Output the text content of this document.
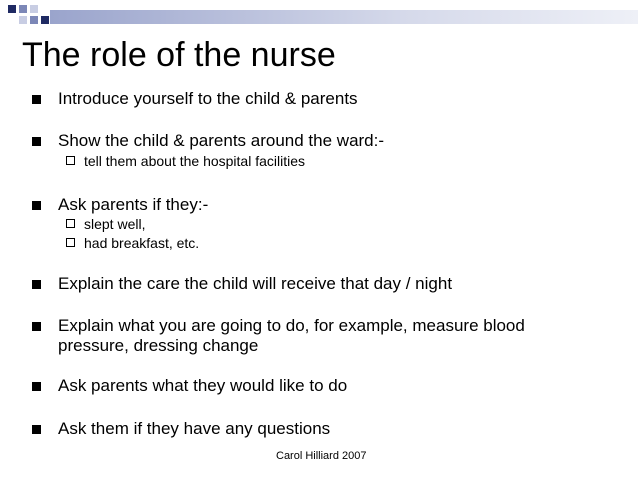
The role of the nurse
Introduce yourself to the child & parents
Show the child & parents around the ward:-
tell them about the hospital facilities
Ask parents if they:-
slept well,
had breakfast, etc.
Explain the care the child will receive that day / night
Explain what you are going to do, for example, measure blood
pressure, dressing change
Ask parents what they would like to do
Ask them if they have any questions
Carol Hilliard 2007
